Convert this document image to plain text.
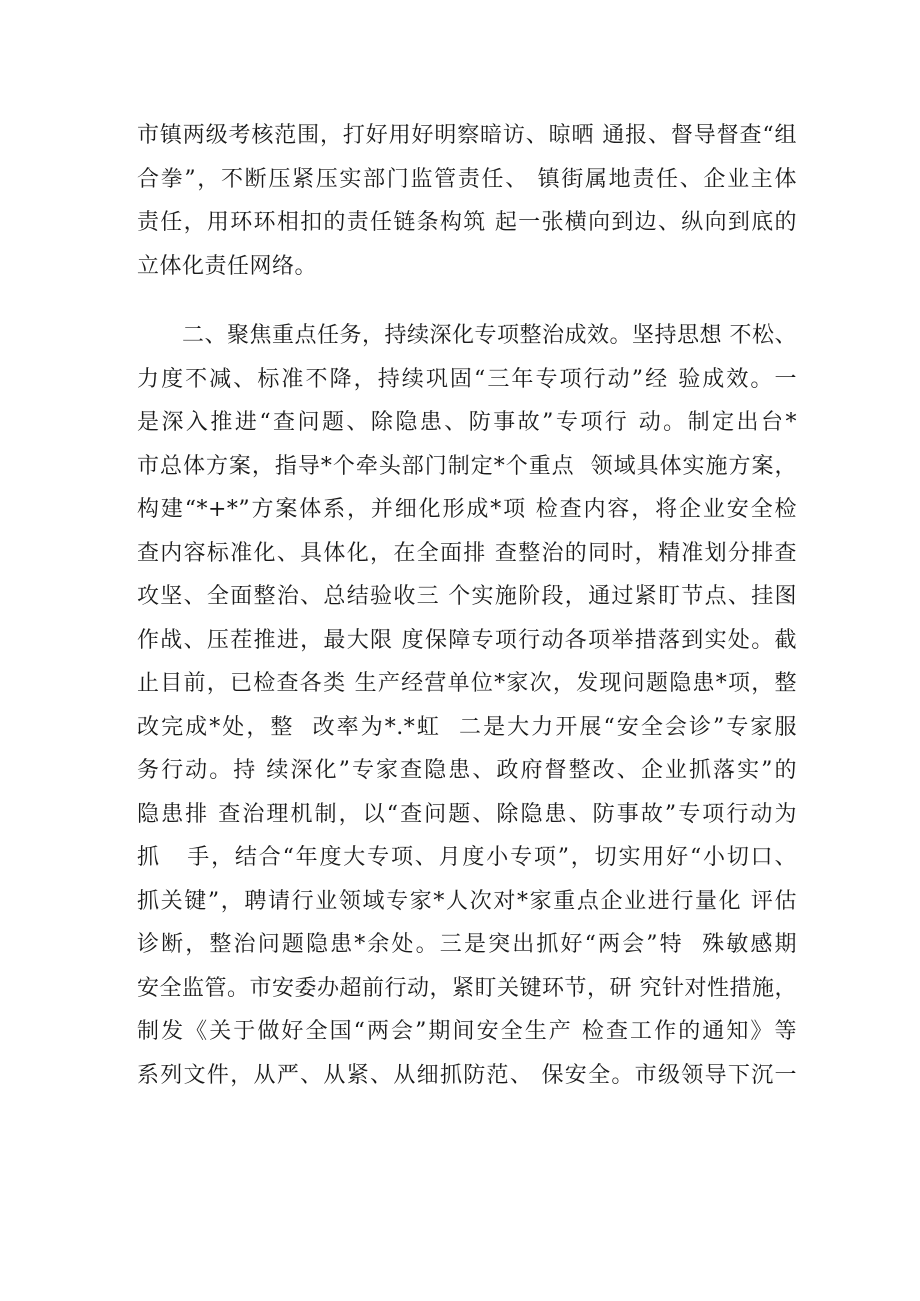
市镇两级考核范围，打好用好明察暗访、晾晒 通报、督导督查“组
合拳”，不断压紧压实部门监管责任、 镇街属地责任、企业主体
责任，用环环相扣的责任链条构筑 起一张横向到边、纵向到底的
立体化责任网络。
　　二、聚焦重点任务，持续深化专项整治成效。坚持思想 不松、
力度不减、标准不降，持续巩固“三年专项行动”经 验成效。一
是深入推进“查问题、除隐患、防事故”专项行 动。制定出台*
市总体方案，指导*个牵头部门制定*个重点  领域具体实施方案，
构建“*+*”方案体系，并细化形成*项 检查内容，将企业安全检
查内容标准化、具体化，在全面排 查整治的同时，精准划分排查
攻坚、全面整治、总结验收三 个实施阶段，通过紧盯节点、挂图
作战、压茬推进，最大限 度保障专项行动各项举措落到实处。截
止目前，已检查各类 生产经营单位*家次，发现问题隐患*项，整
改完成*处，整  改率为*.*虹  二是大力开展“安全会诊”专家服
务行动。持 续深化”专家查隐患、政府督整改、企业抓落实”的
隐患排 查治理机制，以“查问题、除隐患、防事故”专项行动为
抓   手，结合“年度大专项、月度小专项”，切实用好“小切口、
抓关键”，聘请行业领域专家*人次对*家重点企业进行量化 评估
诊断，整治问题隐患*余处。三是突出抓好“两会”特  殊敏感期
安全监管。市安委办超前行动，紧盯关键环节，研 究针对性措施，
制发《关于做好全国“两会”期间安全生产 检查工作的通知》等
系列文件，从严、从紧、从细抓防范、 保安全。市级领导下沉一
